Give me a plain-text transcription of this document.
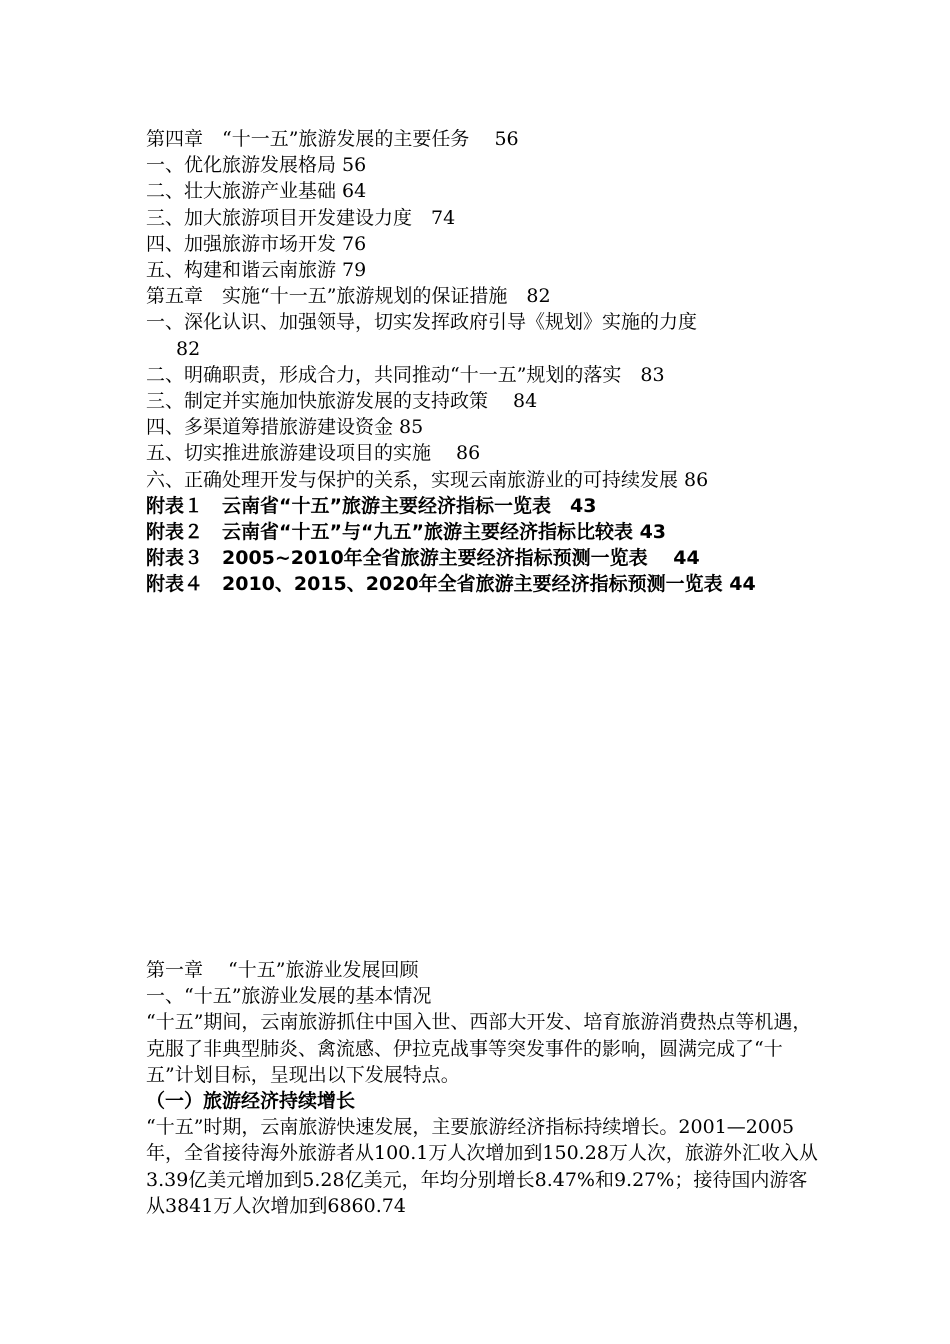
第四章　“十一五”旅游发展的主要任务　 56
一、优化旅游发展格局 56
二、壮大旅游产业基础 64
三、加大旅游项目开发建设力度　74
四、加强旅游市场开发 76
五、构建和谐云南旅游 79
第五章　实施“十一五”旅游规划的保证措施　82
一、深化认识、加强领导，切实发挥政府引导《规划》实施的力度
82
二、明确职责，形成合力，共同推动“十一五”规划的落实　83
三、制定并实施加快旅游发展的支持政策　 84
四、多渠道筹措旅游建设资金 85
五、切实推进旅游建设项目的实施　 86
六、正确处理开发与保护的关系，实现云南旅游业的可持续发展 86
附表１　云南省“十五”旅游主要经济指标一览表　43
附表２　云南省“十五”与“九五”旅游主要经济指标比较表 43
附表３　2005~2010年全省旅游主要经济指标预测一览表　 44
附表４　2010、2015、2020年全省旅游主要经济指标预测一览表 44
第一章　 “十五”旅游业发展回顾
一、“十五”旅游业发展的基本情况
“十五”期间，云南旅游抓住中国入世、西部大开发、培育旅游消费热点等机遇，克服了非典型肺炎、禽流感、伊拉克战事等突发事件的影响，圆满完成了“十五”计划目标，呈现出以下发展特点。
（一）旅游经济持续增长
“十五”时期，云南旅游快速发展，主要旅游经济指标持续增长。2001—2005年，全省接待海外旅游者从100.1万人次增加到150.28万人次，旅游外汇收入从3.39亿美元增加到5.28亿美元，年均分别增长8.47%和9.27%；接待国内游客从3841万人次增加到6860.74
